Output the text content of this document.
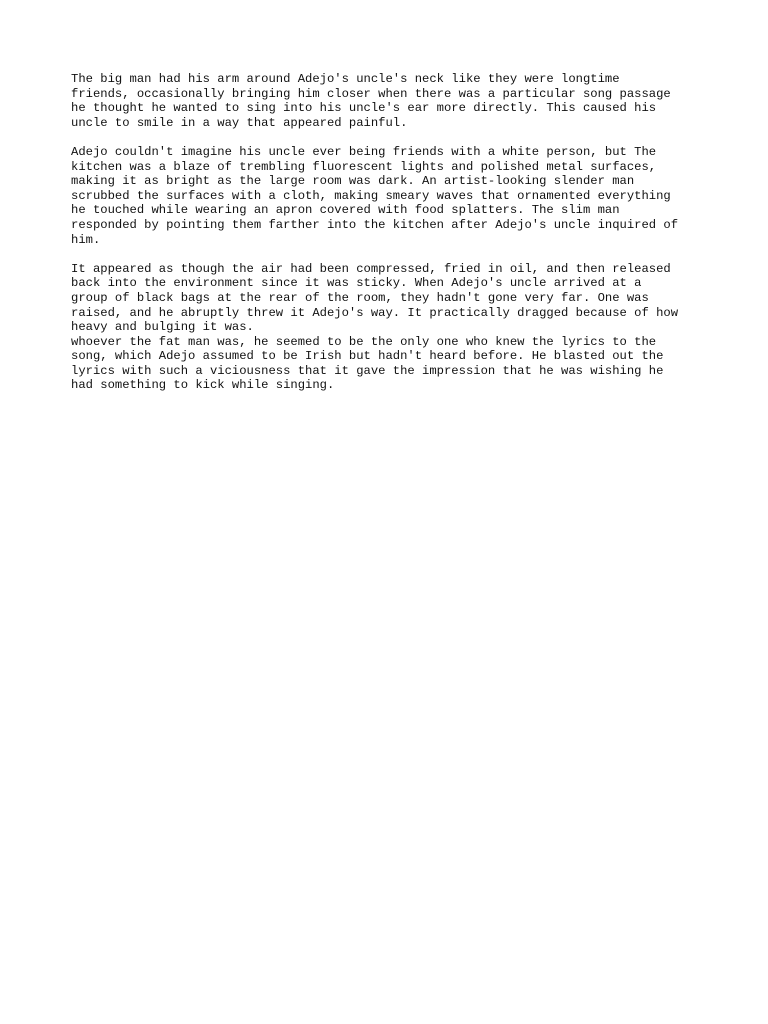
The big man had his arm around Adejo's uncle's neck like they were longtime
friends, occasionally bringing him closer when there was a particular song passage
he thought he wanted to sing into his uncle's ear more directly. This caused his
uncle to smile in a way that appeared painful.
Adejo couldn't imagine his uncle ever being friends with a white person, but The
kitchen was a blaze of trembling fluorescent lights and polished metal surfaces,
making it as bright as the large room was dark. An artist-looking slender man
scrubbed the surfaces with a cloth, making smeary waves that ornamented everything
he touched while wearing an apron covered with food splatters. The slim man
responded by pointing them farther into the kitchen after Adejo's uncle inquired of
him.
It appeared as though the air had been compressed, fried in oil, and then released
back into the environment since it was sticky. When Adejo's uncle arrived at a
group of black bags at the rear of the room, they hadn't gone very far. One was
raised, and he abruptly threw it Adejo's way. It practically dragged because of how
heavy and bulging it was.
whoever the fat man was, he seemed to be the only one who knew the lyrics to the
song, which Adejo assumed to be Irish but hadn't heard before. He blasted out the
lyrics with such a viciousness that it gave the impression that he was wishing he
had something to kick while singing.
